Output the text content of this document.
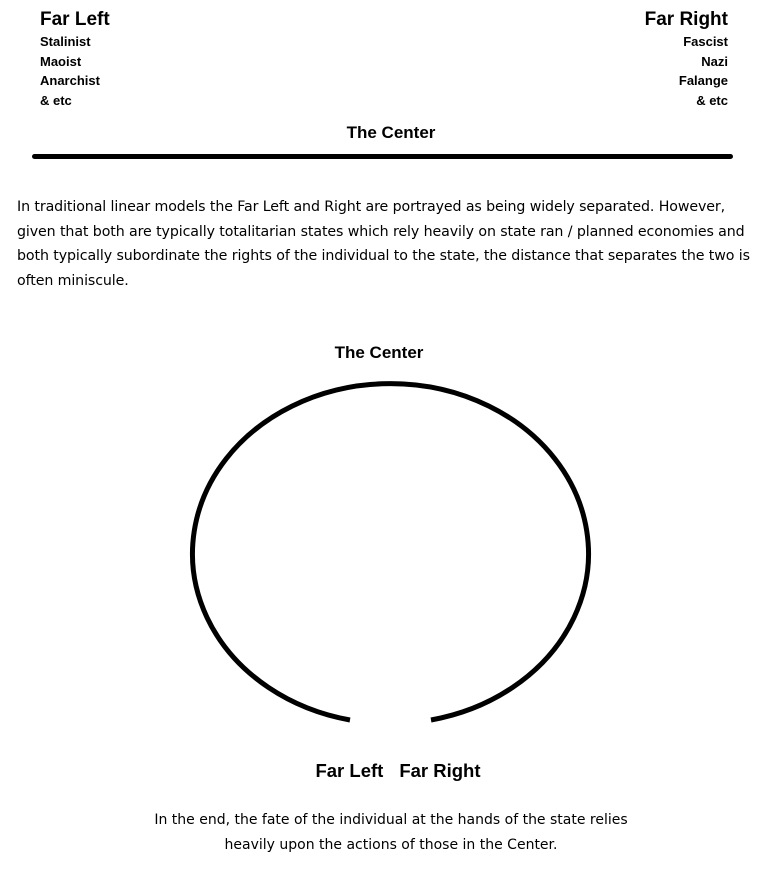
Far Left
Stalinist
Maoist
Anarchist
& etc
Far Right
Fascist
Nazi
Falange
& etc
The Center
In traditional linear models the Far Left and Right are portrayed as being widely separated. However, given that both are typically totalitarian states which rely heavily on state ran / planned economies and both typically subordinate the rights of the individual to the state, the distance that separates the two is often miniscule.
The Center
Far Left Far Right
In the end, the fate of the individual at the hands of the state relies
heavily upon the actions of those in the Center.
